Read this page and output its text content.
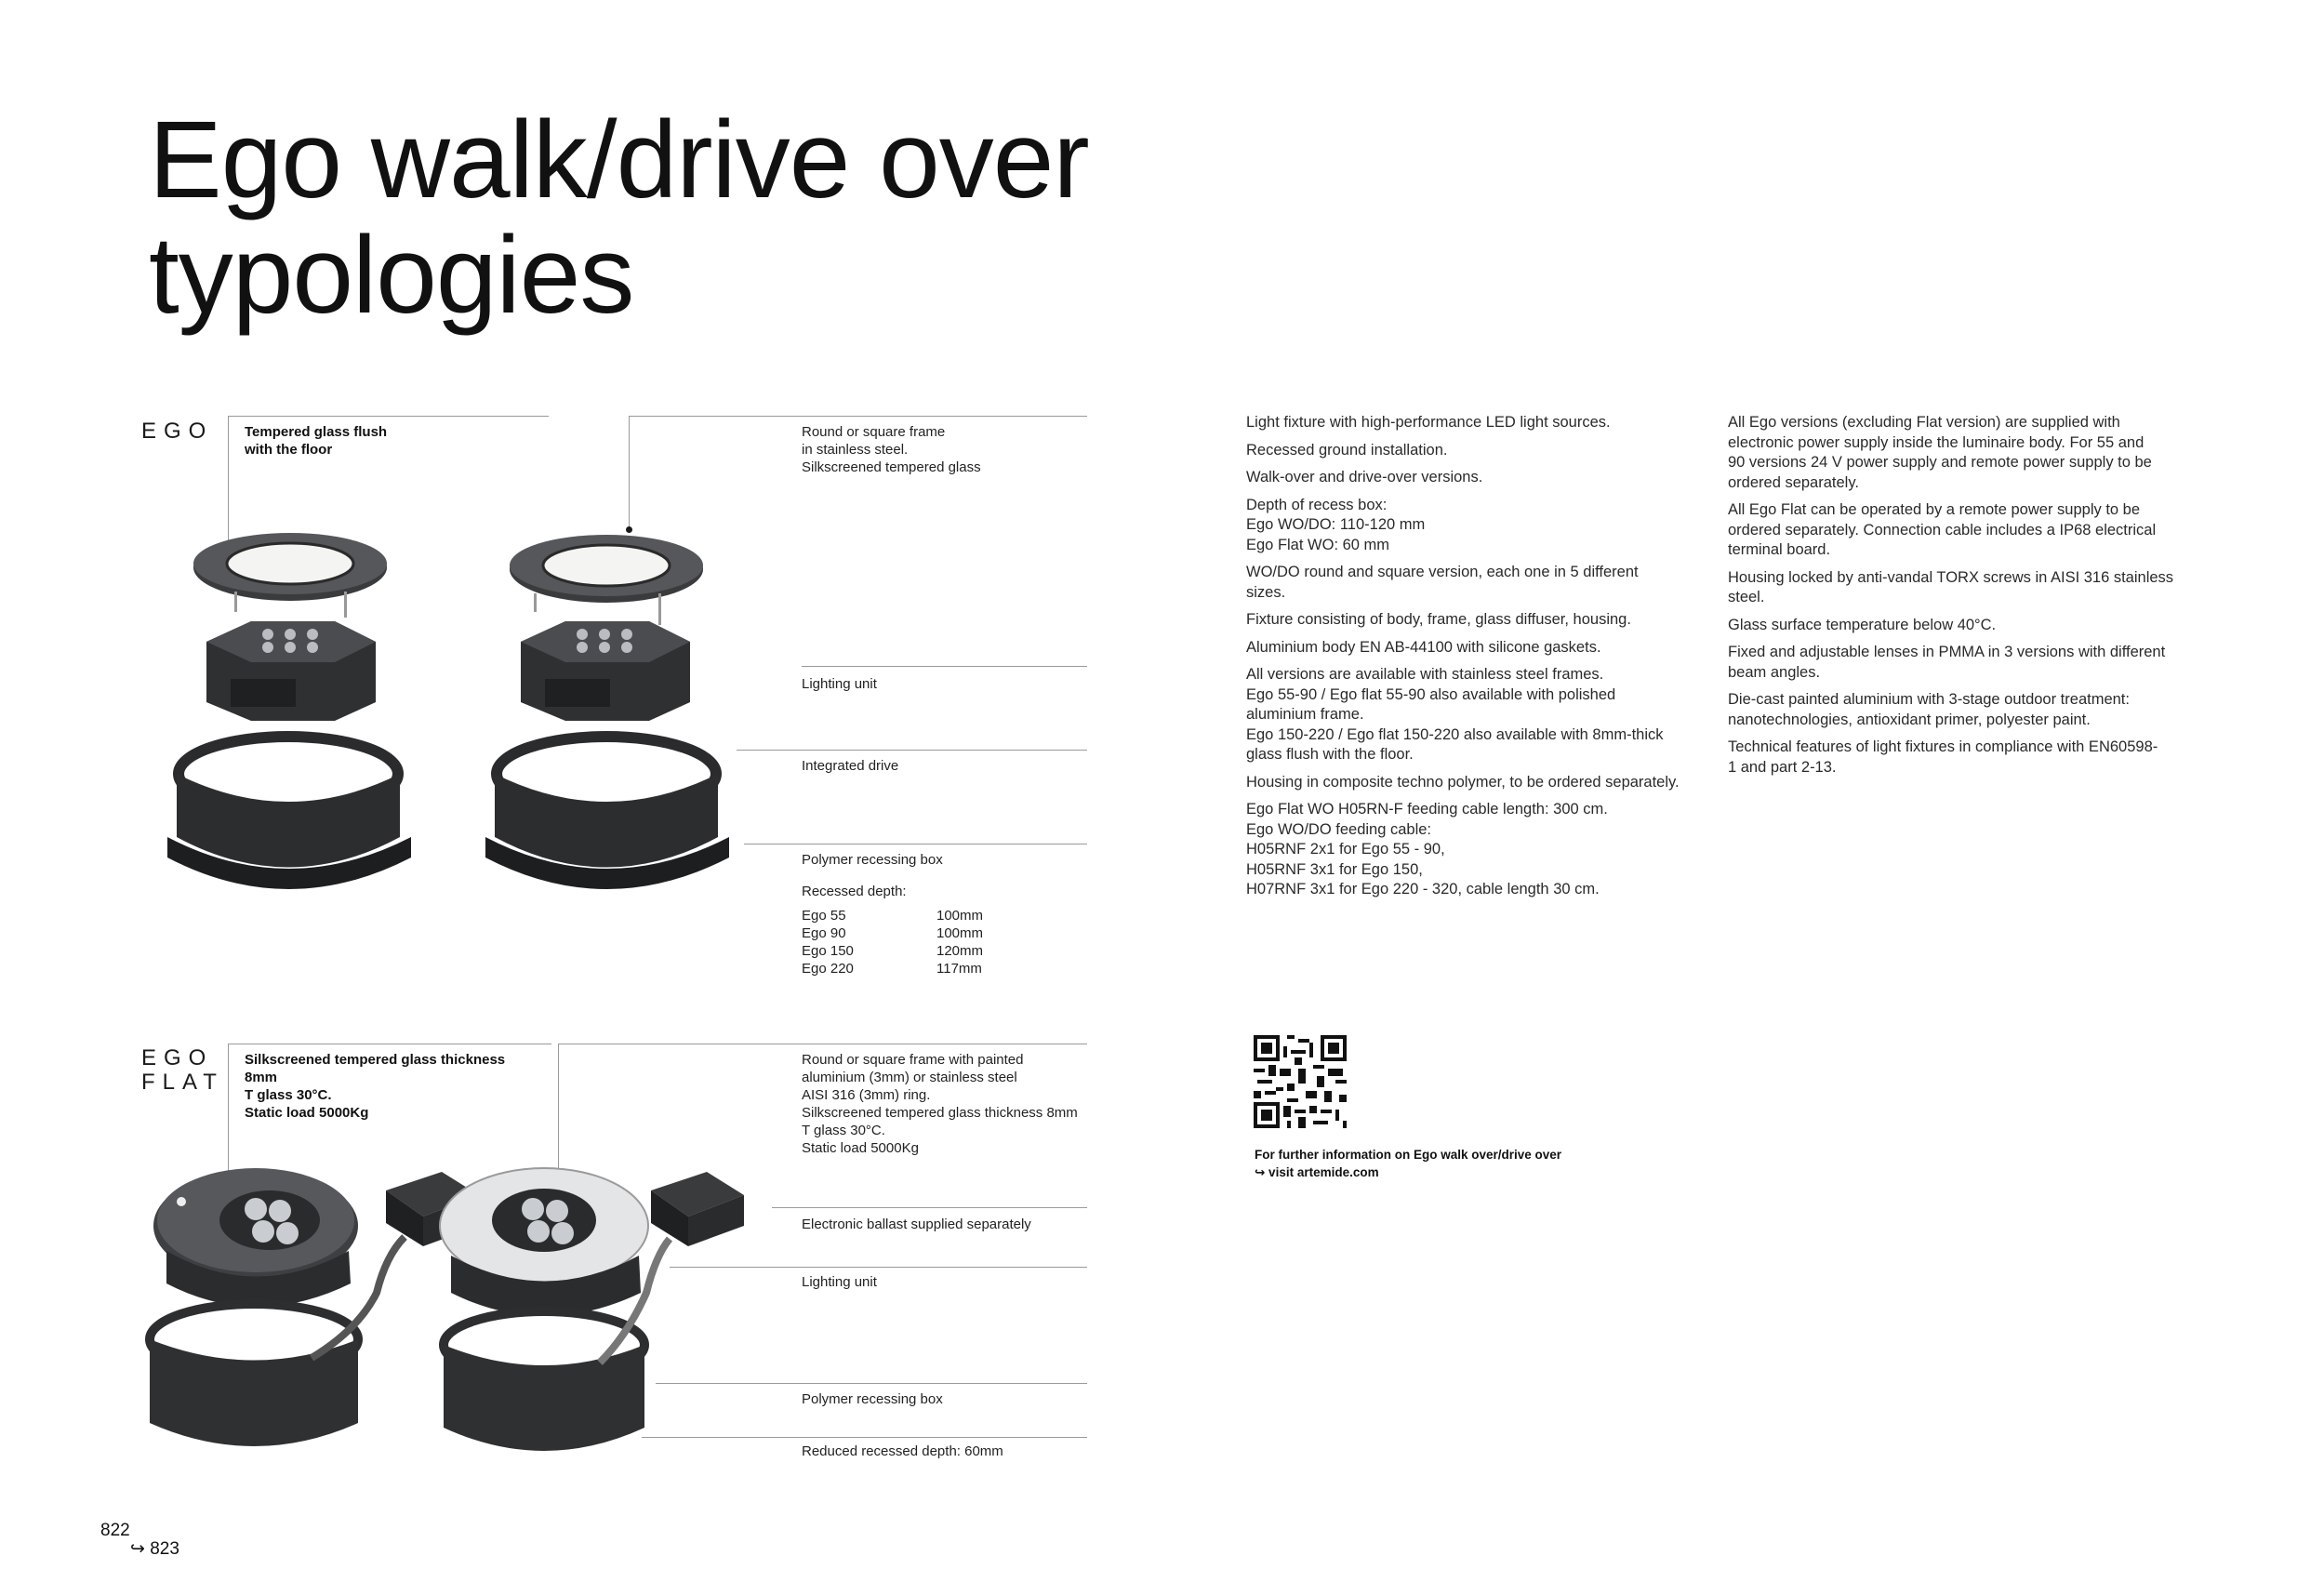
Ego walk/drive over
typologies
EGO Tempered glass flush
with the floor
Round or square frame
in stainless steel.
Silkscreened tempered glass
Lighting unit
Integrated drive
Polymer recessing box
Recessed depth:
Ego 55	100mm
Ego 90	100mm
Ego 150	120mm
Ego 220	117mm
EGO
FLAT
Silkscreened tempered glass thickness
8mm
T glass 30°C.
Static load 5000Kg
Round or square frame with painted
aluminium (3mm) or stainless steel
AISI 316 (3mm) ring.
Silkscreened tempered glass thickness 8mm
T glass 30°C.
Static load 5000Kg
Electronic ballast supplied separately
Lighting unit
Polymer recessing box
Reduced recessed depth: 60mm

Light fixture with high-performance LED light sources.

Recessed ground installation.

Walk-over and drive-over versions.

Depth of recess box:
Ego WO/DO: 110-120 mm
Ego Flat WO: 60 mm

WO/DO round and square version, each one in 5 different
sizes.

Fixture consisting of body, frame, glass diffuser, housing.

Aluminium body EN AB-44100 with silicone gaskets.

All versions are available with stainless steel frames.
Ego 55-90 / Ego flat 55-90 also available with polished
aluminium frame.
Ego 150-220 / Ego flat 150-220 also available with 8mm-thick
glass flush with the floor.

Housing in composite techno polymer, to be ordered separately.

Ego Flat WO H05RN-F feeding cable length: 300 cm.
Ego WO/DO feeding cable:
H05RNF 2x1 for Ego 55 - 90,
H05RNF 3x1 for Ego 150,
H07RNF 3x1 for Ego 220 - 320, cable length 30 cm.

All Ego versions (excluding Flat version) are supplied with
electronic power supply inside the luminaire body. For 55 and
90 versions 24 V power supply and remote power supply to be
ordered separately.

All Ego Flat can be operated by a remote power supply to be
ordered separately. Connection cable includes a IP68 electrical
terminal board.

Housing locked by anti-vandal TORX screws in AISI 316 stainless
steel.

Glass surface temperature below 40°C.

Fixed and adjustable lenses in PMMA in 3 versions with different
beam angles.

Die-cast painted aluminium with 3-stage outdoor treatment:
nanotechnologies, antioxidant primer, polyester paint.

Technical features of light fixtures in compliance with EN60598-
1 and part 2-13.

For further information on Ego walk over/drive over
↪ visit artemide.com
822
↪ 823
